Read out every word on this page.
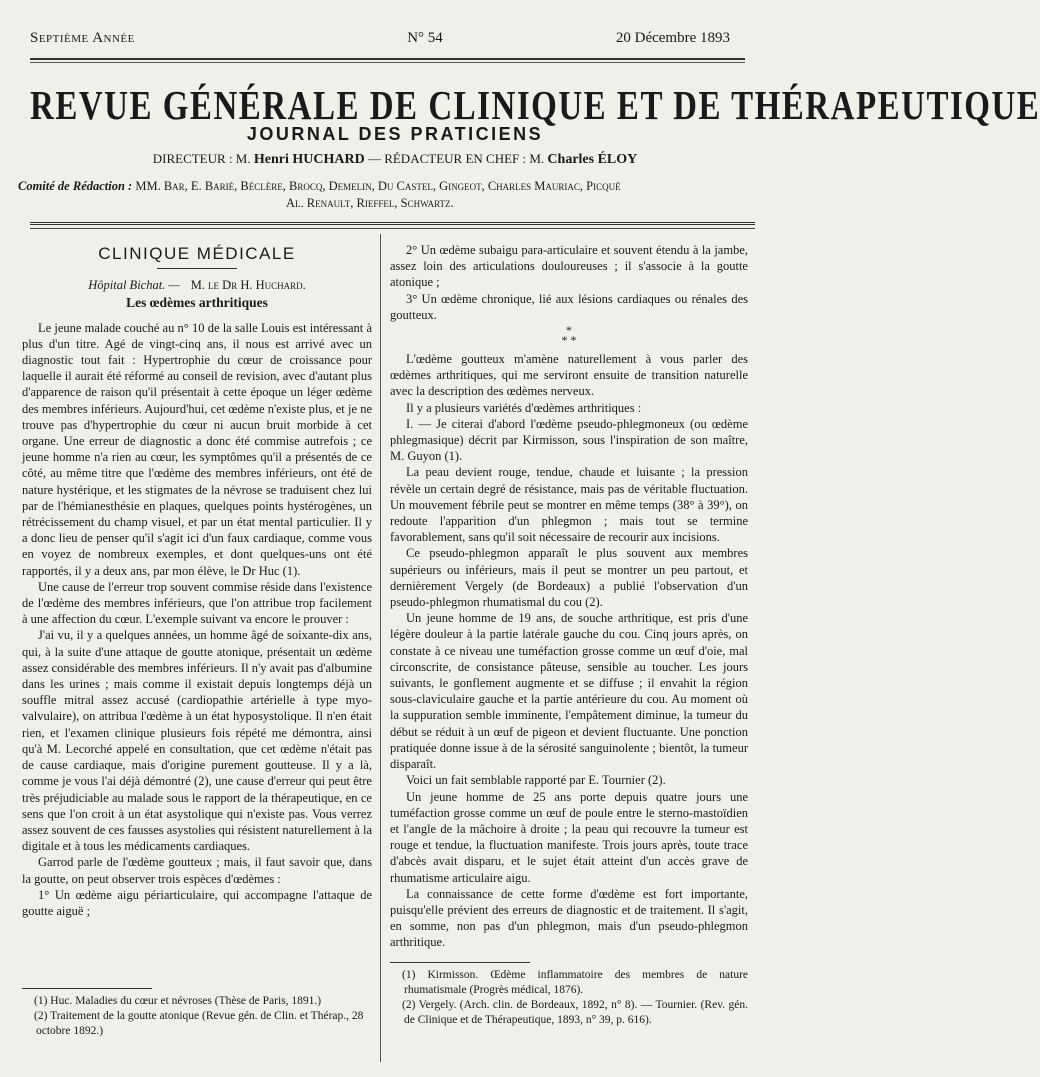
Septième Année	N° 54	20 Décembre 1893
REVUE GÉNÉRALE DE CLINIQUE ET DE THÉRAPEUTIQUE
JOURNAL DES PRATICIENS
DIRECTEUR : M. Henri HUCHARD — RÉDACTEUR EN CHEF : M. Charles ÉLOY
Comité de Rédaction : MM. Bar, E. Barié, Béclère, Brocq, Demelin, Du Castel, Gingeot, Charles Mauriac, Picqué
Al. Renault, Rieffel, Schwartz.
CLINIQUE MÉDICALE
Hôpital Bichat. — M. le Dr H. Huchard.
Les œdèmes arthritiques

Le jeune malade couché au n° 10 de la salle Louis est intéressant à plus d'un titre. Agé de vingt-cinq ans, il nous est arrivé avec un diagnostic tout fait : Hypertrophie du cœur de croissance pour laquelle il aurait été réformé au conseil de revision, avec d'autant plus d'apparence de raison qu'il présentait à cette époque un léger œdème des membres inférieurs. Aujourd'hui, cet œdème n'existe plus, et je ne trouve pas d'hypertrophie du cœur ni aucun bruit morbide à cet organe. Une erreur de diagnostic a donc été commise autrefois ; ce jeune homme n'a rien au cœur, les symptômes qu'il a présentés de ce côté, au même titre que l'œdème des membres inférieurs, ont été de nature hystérique, et les stigmates de la névrose se traduisent chez lui par de l'hémianesthésie en plaques, quelques points hystérogènes, un rétrécissement du champ visuel, et par un état mental particulier. Il y a donc lieu de penser qu'il s'agit ici d'un faux cardiaque, comme vous en voyez de nombreux exemples, et dont quelques-uns ont été rapportés, il y a deux ans, par mon élève, le Dr Huc (1).

Une cause de l'erreur trop souvent commise réside dans l'existence de l'œdème des membres inférieurs, que l'on attribue trop facilement à une affection du cœur. L'exemple suivant va encore le prouver :

J'ai vu, il y a quelques années, un homme âgé de soixante-dix ans, qui, à la suite d'une attaque de goutte atonique, présentait un œdème assez considérable des membres inférieurs. Il n'y avait pas d'albumine dans les urines ; mais comme il existait depuis longtemps déjà un souffle mitral assez accusé (cardiopathie artérielle à type myo-valvulaire), on attribua l'œdème à un état hyposystolique. Il n'en était rien, et l'examen clinique plusieurs fois répété me démontra, ainsi qu'à M. Lecorché appelé en consultation, que cet œdème n'était pas de cause cardiaque, mais d'origine purement goutteuse. Il y a là, comme je vous l'ai déjà démontré (2), une cause d'erreur qui peut être très préjudiciable au malade sous le rapport de la thérapeutique, en ce sens que l'on croit à un état asystolique qui n'existe pas. Vous verrez assez souvent de ces fausses asystolies qui résistent naturellement à la digitale et à tous les médicaments cardiaques.

Garrod parle de l'œdème goutteux ; mais, il faut savoir que, dans la goutte, on peut observer trois espèces d'œdèmes :

1° Un œdème aigu périarticulaire, qui accompagne l'attaque de goutte aiguë ;

(1) Huc. Maladies du cœur et névroses (Thèse de Paris, 1891.)

(2) Traitement de la goutte atonique (Revue gén. de Clin. et Thérap., 28 octobre 1892.)

2° Un œdème subaigu para-articulaire et souvent étendu à la jambe, assez loin des articulations douloureuses ; il s'associe à la goutte atonique ;

3° Un œdème chronique, lié aux lésions cardiaques ou rénales des goutteux.

*
* *

L'œdème goutteux m'amène naturellement à vous parler des œdèmes arthritiques, qui me serviront ensuite de transition naturelle avec la description des œdèmes nerveux.

Il y a plusieurs variétés d'œdèmes arthritiques :

I. — Je citerai d'abord l'œdème pseudo-phlegmoneux (ou œdème phlegmasique) décrit par Kirmisson, sous l'inspiration de son maître, M. Guyon (1).

La peau devient rouge, tendue, chaude et luisante ; la pression révèle un certain degré de résistance, mais pas de véritable fluctuation. Un mouvement fébrile peut se montrer en même temps (38° à 39°), on redoute l'apparition d'un phlegmon ; mais tout se termine favorablement, sans qu'il soit nécessaire de recourir aux incisions.

Ce pseudo-phlegmon apparaît le plus souvent aux membres supérieurs ou inférieurs, mais il peut se montrer un peu partout, et dernièrement Vergely (de Bordeaux) a publié l'observation d'un pseudo-phlegmon rhumatismal du cou (2).

Un jeune homme de 19 ans, de souche arthritique, est pris d'une légère douleur à la partie latérale gauche du cou. Cinq jours après, on constate à ce niveau une tuméfaction grosse comme un œuf d'oie, mal circonscrite, de consistance pâteuse, sensible au toucher. Les jours suivants, le gonflement augmente et se diffuse ; il envahit la région sous-claviculaire gauche et la partie antérieure du cou. Au moment où la suppuration semble imminente, l'empâtement diminue, la tumeur du début se réduit à un œuf de pigeon et devient fluctuante. Une ponction pratiquée donne issue à de la sérosité sanguinolente ; bientôt, la tumeur disparaît.

Voici un fait semblable rapporté par E. Tournier (2).

Un jeune homme de 25 ans porte depuis quatre jours une tuméfaction grosse comme un œuf de poule entre le sterno-mastoïdien et l'angle de la mâchoire à droite ; la peau qui recouvre la tumeur est rouge et tendue, la fluctuation manifeste. Trois jours après, toute trace d'abcès avait disparu, et le sujet était atteint d'un accès grave de rhumatisme articulaire aigu.

La connaissance de cette forme d'œdème est fort importante, puisqu'elle prévient des erreurs de diagnostic et de traitement. Il s'agit, en somme, non pas d'un phlegmon, mais d'un pseudo-phlegmon arthritique.

(1) Kirmisson. Œdème inflammatoire des membres de nature rhumatismale (Progrès médical, 1876).

(2) Vergely. (Arch. clin. de Bordeaux, 1892, n° 8). — Tournier. (Rev. gén. de Clinique et de Thérapeutique, 1893, n° 39, p. 616).
